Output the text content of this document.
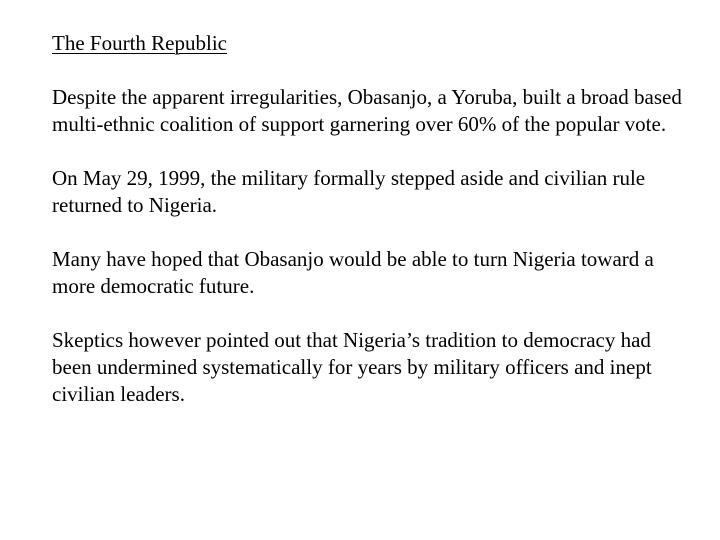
The Fourth Republic

Despite the apparent irregularities, Obasanjo, a Yoruba, built a broad based multi-ethnic coalition of support garnering over 60% of the popular vote.

On May 29, 1999, the military formally stepped aside and civilian rule returned to Nigeria.

Many have hoped that Obasanjo would be able to turn Nigeria toward a more democratic future.

Skeptics however pointed out that Nigeria’s tradition to democracy had been undermined systematically for years by military officers and inept civilian leaders.
